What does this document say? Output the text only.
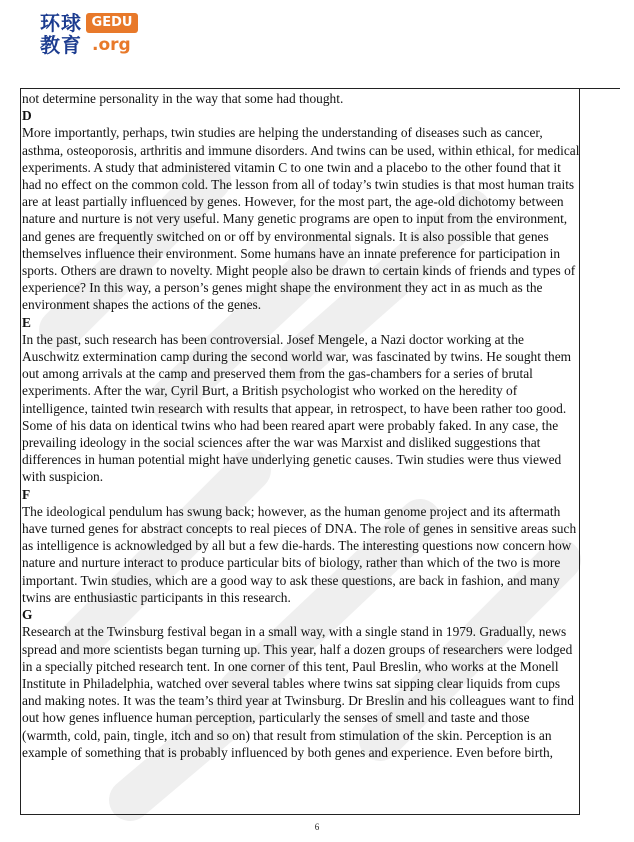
环球 GEDU
教育 .org

not determine personality in the way that some had thought.

D

More importantly, perhaps, twin studies are helping the understanding of diseases such as cancer, asthma, osteoporosis, arthritis and immune disorders. And twins can be used, within ethical, for medical experiments. A study that administered vitamin C to one twin and a placebo to the other found that it had no effect on the common cold. The lesson from all of today’s twin studies is that most human traits are at least partially influenced by genes. However, for the most part, the age-old dichotomy between nature and nurture is not very useful. Many genetic programs are open to input from the environment, and genes are frequently switched on or off by environmental signals. It is also possible that genes themselves influence their environment. Some humans have an innate preference for participation in sports. Others are drawn to novelty. Might people also be drawn to certain kinds of friends and types of experience? In this way, a person’s genes might shape the environment they act in as much as the environment shapes the actions of the genes.

E

In the past, such research has been controversial. Josef Mengele, a Nazi doctor working at the Auschwitz extermination camp during the second world war, was fascinated by twins. He sought them out among arrivals at the camp and preserved them from the gas-chambers for a series of brutal experiments. After the war, Cyril Burt, a British psychologist who worked on the heredity of intelligence, tainted twin research with results that appear, in retrospect, to have been rather too good. Some of his data on identical twins who had been reared apart were probably faked. In any case, the prevailing ideology in the social sciences after the war was Marxist and disliked suggestions that differences in human potential might have underlying genetic causes. Twin studies were thus viewed with suspicion.

F

The ideological pendulum has swung back; however, as the human genome project and its aftermath have turned genes for abstract concepts to real pieces of DNA. The role of genes in sensitive areas such as intelligence is acknowledged by all but a few die-hards. The interesting questions now concern how nature and nurture interact to produce particular bits of biology, rather than which of the two is more important. Twin studies, which are a good way to ask these questions, are back in fashion, and many twins are enthusiastic participants in this research.

G

Research at the Twinsburg festival began in a small way, with a single stand in 1979. Gradually, news spread and more scientists began turning up. This year, half a dozen groups of researchers were lodged in a specially pitched research tent. In one corner of this tent, Paul Breslin, who works at the Monell Institute in Philadelphia, watched over several tables where twins sat sipping clear liquids from cups and making notes. It was the team’s third year at Twinsburg. Dr Breslin and his colleagues want to find out how genes influence human perception, particularly the senses of smell and taste and those (warmth, cold, pain, tingle, itch and so on) that result from stimulation of the skin. Perception is an example of something that is probably influenced by both genes and experience. Even before birth,

6
